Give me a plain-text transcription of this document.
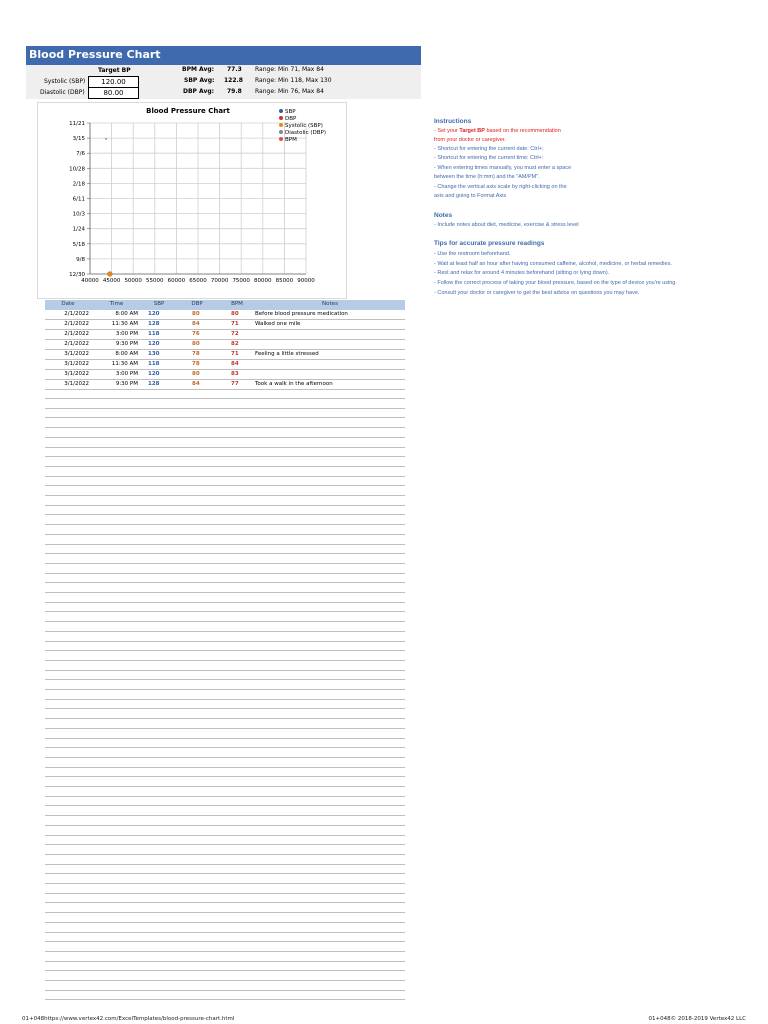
Blood Pressure Chart
Target BP
Systolic (SBP)	120.00
Diastolic (DBP)	80.00
BPM Avg: 77.3 Range: Min 71, Max 84
SBP Avg: 122.8 Range: Min 118, Max 130
DBP Avg: 79.8 Range: Min 76, Max 84
40000 45000 50000 55000 60000 65000 70000 75000 80000 85000 90000
11/21
3/15
7/6
10/28
2/18
6/11
10/3
1/24
5/18
9/8
12/30
Blood Pressure Chart	SBP
DBP
Systolic (SBP)
Diastolic (DBP)
BPM
Date	Time	SBP	DBP	BPM	Notes
2/1/2022	8:00 AM 120	80	80	Before blood pressure medication
2/1/2022	11:30 AM 128	84	71	Walked one mile
2/1/2022	3:00 PM 118	76	72
2/1/2022	9:30 PM 120	80	82
3/1/2022	8:00 AM 130	78	71	Feeling a little stressed
3/1/2022	11:30 AM 118	78	84
3/1/2022	3:00 PM 120	80	83
3/1/2022	9:30 PM 128	84	77	Took a walk in the afternoon
Instructions
- Set your Target BP based on the recommendation
from your doctor or caregiver.
- Shortcut for entering the current date: Ctrl+;
- Shortcut for entering the current time: Ctrl+:
- When entering times manually, you must enter a space
between the time (h:mm) and the "AM/PM".
- Change the vertical axis scale by right-clicking on the
axis and going to Format Axis
Notes
- Include notes about diet, medicine, exercise & stress level
Tips for accurate pressure readings
- Use the restroom beforehand.
- Wait at least half an hour after having consumed caffeine, alcohol, medicine, or herbal remedies.
- Rest and relax for around 4 minutes beforehand (sitting or lying down).
- Follow the correct process of taking your blood pressure, based on the type of device you're using.
- Consult your doctor or caregiver to get the best advice on questions you may have.
01+048https://www.vertex42.com/ExcelTemplates/blood-pressure-chart.html	01+048© 2018-2019 Vertex42 LLC
